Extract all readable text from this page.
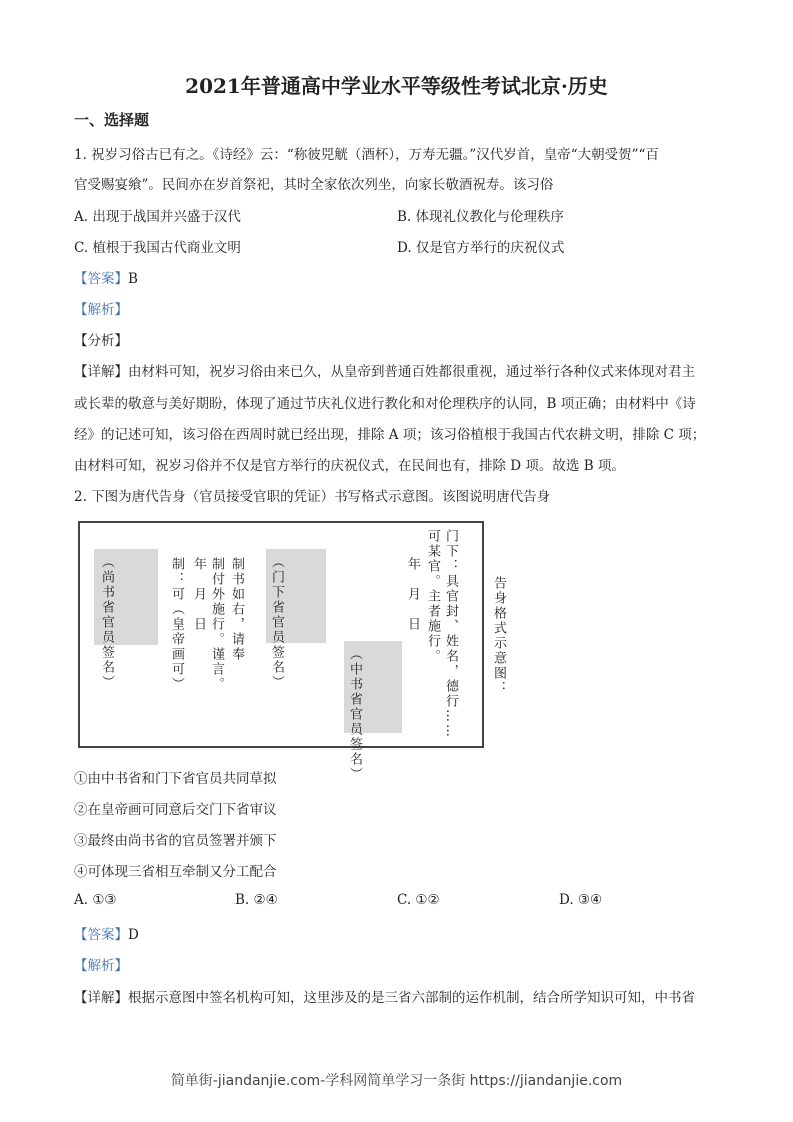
2021年普通高中学业水平等级性考试北京·历史
一、选择题
1. 祝岁习俗古已有之。《诗经》云：“称彼兕觥（酒杯），万寿无疆。”汉代岁首，皇帝“大朝受贺”“百
官受赐宴飨”。民间亦在岁首祭祀，其时全家依次列坐，向家长敬酒祝寿。该习俗
A. 出现于战国并兴盛于汉代	B. 体现礼仪教化与伦理秩序
C. 植根于我国古代商业文明	D. 仅是官方举行的庆祝仪式
【答案】B
【解析】
【分析】
【详解】由材料可知，祝岁习俗由来已久，从皇帝到普通百姓都很重视，通过举行各种仪式来体现对君主
或长辈的敬意与美好期盼，体现了通过节庆礼仪进行教化和对伦理秩序的认同，B 项正确；由材料中《诗
经》的记述可知，该习俗在西周时就已经出现，排除 A 项；该习俗植根于我国古代农耕文明，排除 C 项；
由材料可知，祝岁习俗并不仅是官方举行的庆祝仪式，在民间也有，排除 D 项。故选 B 项。
2. 下图为唐代告身（官员接受官职的凭证）书写格式示意图。该图说明唐代告身
（尚书省官员签名）	制：可（皇帝画可） 年　月　日 制书如右，请奉
制付外施行。谨言。	（门下省官员签名）
（中书省官员签名）
年　月　日 门下：具官封、姓名，德行……
可某官。主者施行。	告身格式示意图：
①由中书省和门下省官员共同草拟
②在皇帝画可同意后交门下省审议
③最终由尚书省的官员签署并颁下
④可体现三省相互牵制又分工配合
A. ①③	B. ②④	C. ①②	D. ③④
【答案】D
【解析】
【详解】根据示意图中签名机构可知，这里涉及的是三省六部制的运作机制，结合所学知识可知，中书省
简单街-jiandanjie.com-学科网简单学习一条街 https://jiandanjie.com
